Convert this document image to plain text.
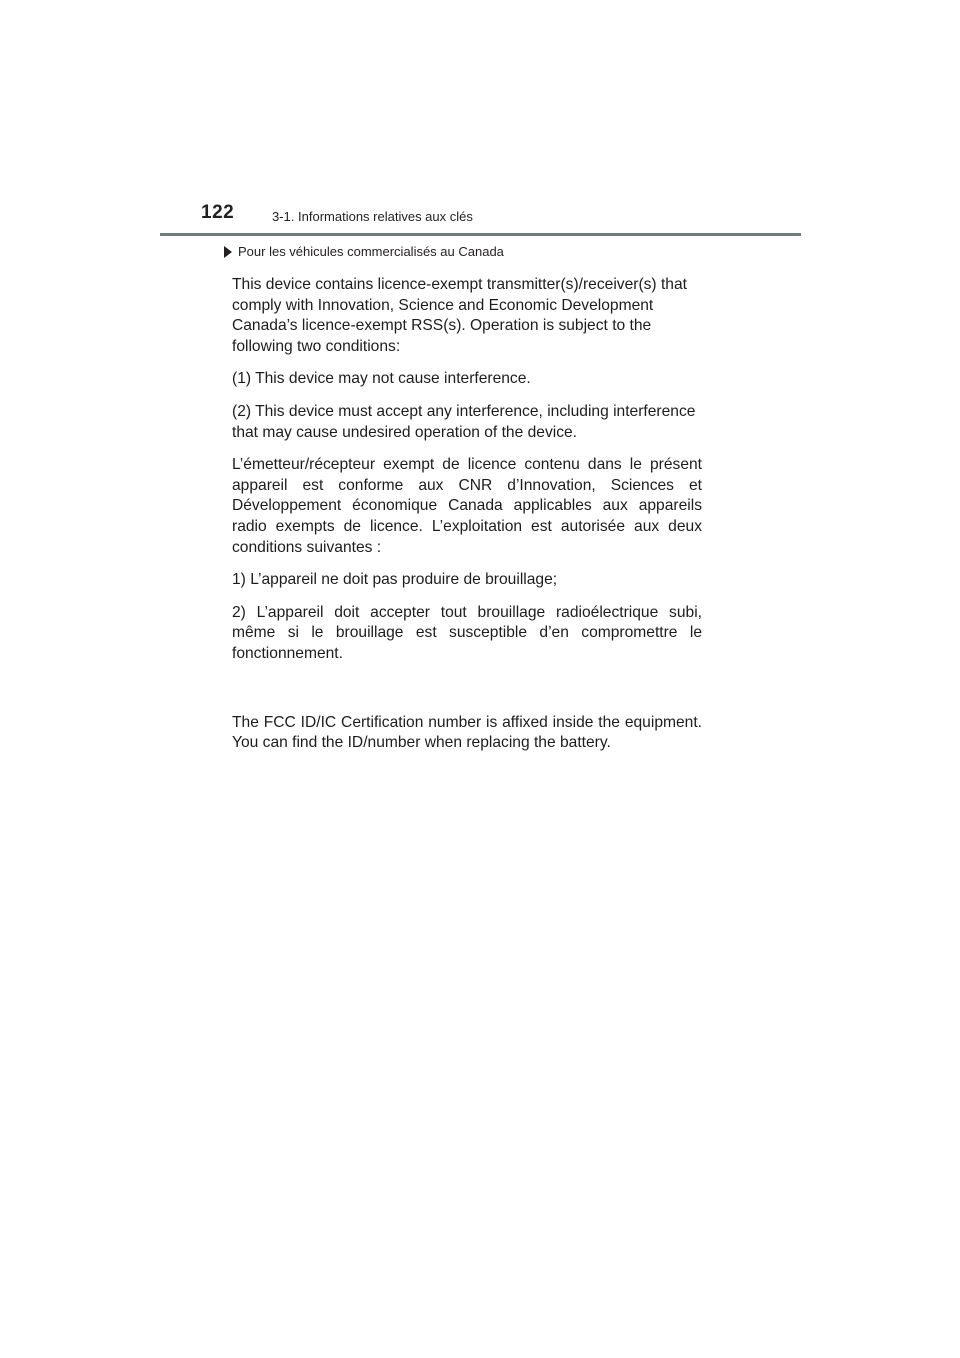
122	3-1. Informations relatives aux clés
Pour les véhicules commercialisés au Canada

This device contains licence-exempt transmitter(s)/receiver(s) that comply with Innovation, Science and Economic Development Canada’s licence-exempt RSS(s). Operation is subject to the following two conditions:

(1) This device may not cause interference.

(2) This device must accept any interference, including interference that may cause undesired operation of the device.

L’émetteur/récepteur exempt de licence contenu dans le présent appareil est conforme aux CNR d’Innovation, Sciences et Développement économique Canada applicables aux appareils radio exempts de licence. L’exploitation est autorisée aux deux conditions suivantes :

1) L’appareil ne doit pas produire de brouillage;

2) L’appareil doit accepter tout brouillage radioélectrique subi, même si le brouillage est susceptible d’en compromettre le fonctionnement.

The FCC ID/IC Certification number is affixed inside the equipment. You can find the ID/number when replacing the battery.
